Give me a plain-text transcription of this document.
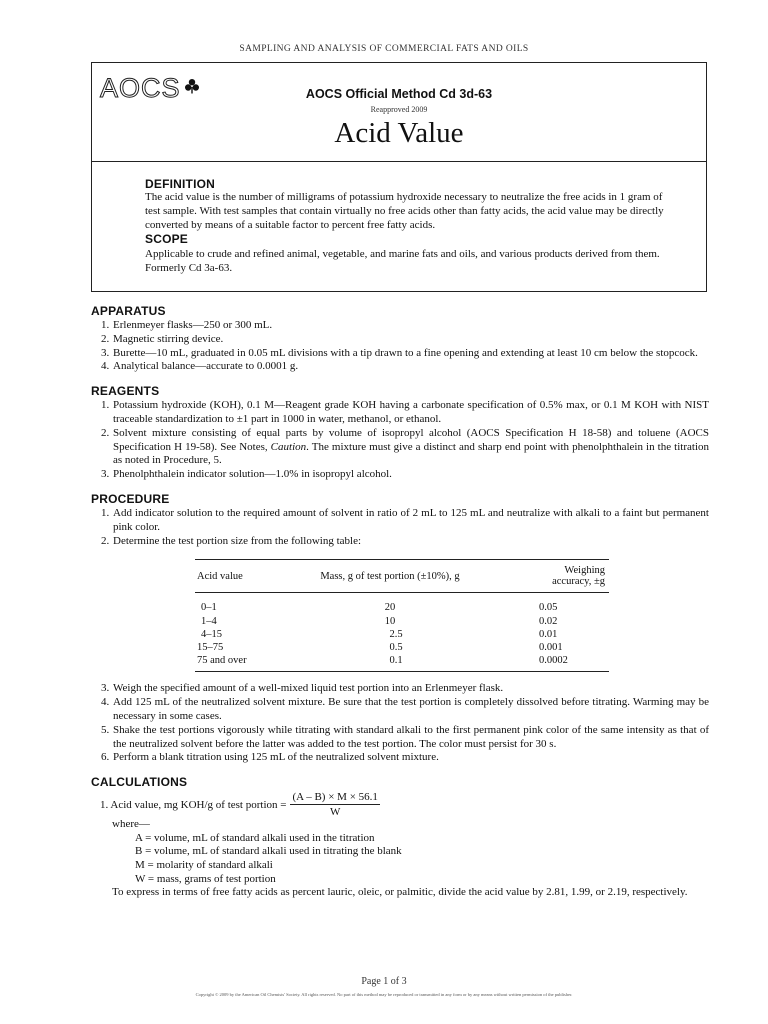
SAMPLING AND ANALYSIS OF COMMERCIAL FATS AND OILS
AOCS	AOCS Official Method Cd 3d-63
Reapproved 2009
Acid Value
DEFINITION

The acid value is the number of milligrams of potassium hydroxide necessary to neutralize the free acids in 1 gram of test sample. With test samples that contain virtually no free acids other than fatty acids, the acid value may be directly converted by means of a suitable factor to percent free fatty acids.

SCOPE

Applicable to crude and refined animal, vegetable, and marine fats and oils, and various products derived from them. Formerly Cd 3a-63.

APPARATUS
1. Erlenmeyer flasks—250 or 300 mL.
2. Magnetic stirring device.
3. Burette—10 mL, graduated in 0.05 mL divisions with a tip drawn to a fine opening and extending at least 10 cm below the stopcock.
4. Analytical balance—accurate to 0.0001 g.
REAGENTS
1. Potassium hydroxide (KOH), 0.1 M—Reagent grade KOH having a carbonate specification of 0.5% max, or 0.1 M KOH with NIST traceable standardization to ±1 part in 1000 in water, methanol, or ethanol.
2. Solvent mixture consisting of equal parts by volume of isopropyl alcohol (AOCS Specification H 18-58) and toluene (AOCS Specification H 19-58). See Notes, Caution. The mixture must give a distinct and sharp end point with phenolphthalein in the titration as noted in Procedure, 5.
3. Phenolphthalein indicator solution—1.0% in isopropyl alcohol.
PROCEDURE
1. Add indicator solution to the required amount of solvent in ratio of 2 mL to 125 mL and neutralize with alkali to a faint but permanent pink color.
2. Determine the test portion size from the following table:
Acid value	Mass, g of test portion (±10%), g	Weighing accuracy, ±g
0–1	20	0.05
1–4	10	0.02
4–15	2.5	0.01
15–75	0.5	0.001
75 and over	0.1	0.0002
3. Weigh the specified amount of a well-mixed liquid test portion into an Erlenmeyer flask.
4. Add 125 mL of the neutralized solvent mixture. Be sure that the test portion is completely dissolved before titrating. Warming may be necessary in some cases.
5. Shake the test portions vigorously while titrating with standard alkali to the first permanent pink color of the same intensity as that of the neutralized solvent before the latter was added to the test portion. The color must persist for 30 s.
6. Perform a blank titration using 125 mL of the neutralized solvent mixture.
CALCULATIONS
1. Acid value, mg KOH/g of test portion = $\frac{(A - B) \times M \times 56.1}{W}$
where—
A = volume, mL of standard alkali used in the titration
B = volume, mL of standard alkali used in titrating the blank
M = molarity of standard alkali
W = mass, grams of test portion
To express in terms of free fatty acids as percent lauric, oleic, or palmitic, divide the acid value by 2.81, 1.99, or 2.19, respectively.
Page 1 of 3
Copyright © 2009 by the American Oil Chemists' Society. All rights reserved. No part of this method may be reproduced or transmitted in any form or by any means without written permission of the publisher.
